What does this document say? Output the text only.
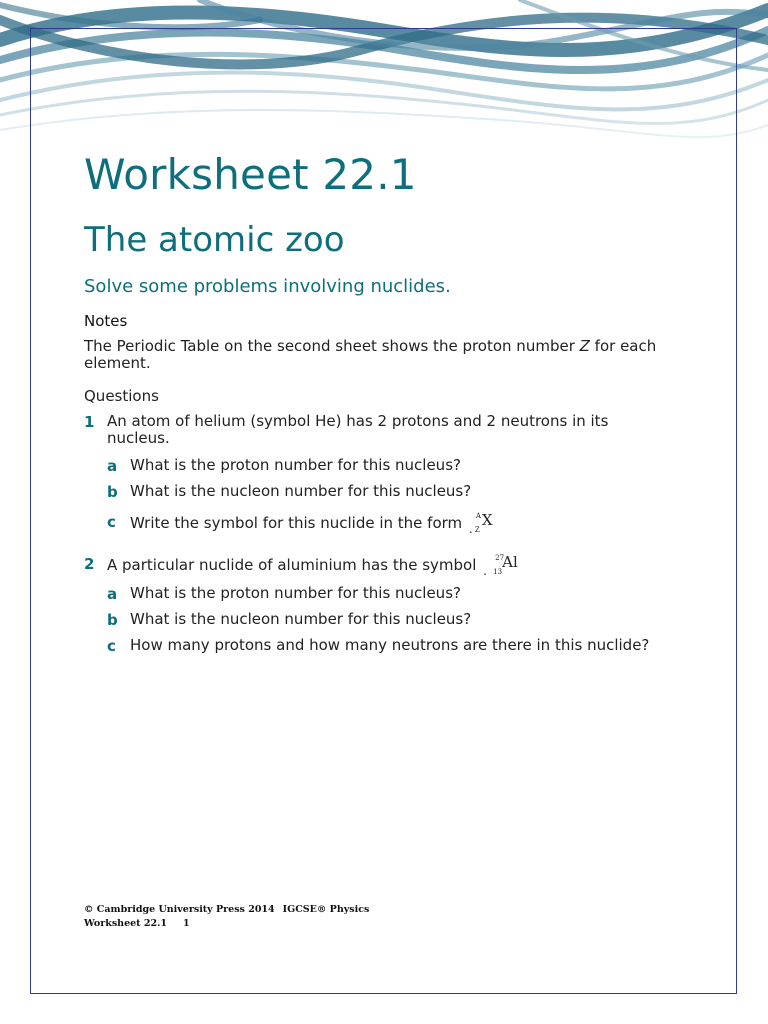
Worksheet 22.1
The atomic zoo

Solve some problems involving nuclides.

Notes

The Periodic Table on the second sheet shows the proton number Z for each element.

Questions

1 An atom of helium (symbol He) has 2 protons and 2 neutrons in its nucleus.

a What is the proton number for this nucleus?

b What is the nucleon number for this nucleus?

c Write the symbol for this nuclide in the form .
A
Z
X

2 A particular nuclide of aluminium has the symbol .
27
13
Al

a What is the proton number for this nucleus?

b What is the nucleon number for this nucleus?

c How many protons and how many neutrons are there in this nuclide?

© Cambridge University Press 2014 IGCSE® Physics
Worksheet 22.1 1
